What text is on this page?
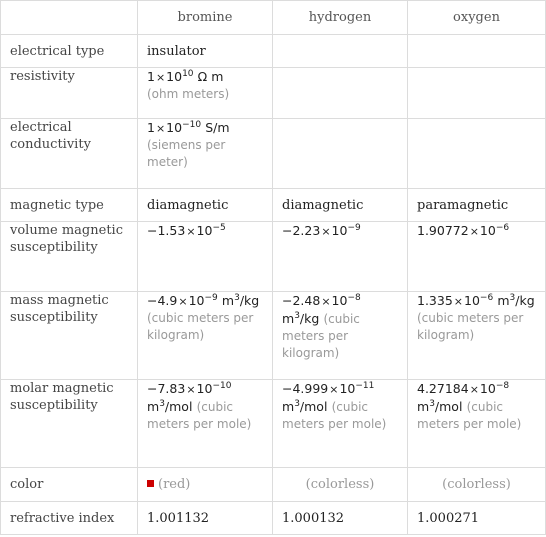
	bromine	hydrogen	oxygen
electrical type	insulator		
resistivity	$1\times 10^{10}$ Ω m
(ohm meters)		
electrical conductivity	$1\times 10^{-10}$ S/m
(siemens per meter)		
magnetic type	diamagnetic	diamagnetic	paramagnetic
volume magnetic susceptibility	$-1.53\times 10^{-5}$	$-2.23\times 10^{-9}$	$1.90772\times 10^{-6}$
mass magnetic susceptibility	$-4.9\times 10^{-9}$ $m^3/kg$ (cubic meters per kilogram)	$-2.48\times 10^{-8}$ $m^3/kg$ (cubic meters per kilogram)	$1.335\times 10^{-6}$ $m^3/kg$ (cubic meters per kilogram)
molar magnetic susceptibility	$-7.83\times 10^{-10}$ $m^3$/mol (cubic meters per mole)	$-4.999\times 10^{-11}$ $m^3$/mol (cubic meters per mole)	$4.27184\times 10^{-8}$ $m^3$/mol (cubic meters per mole)
color	(red)	(colorless)	(colorless)
refractive index	1.001132	1.000132	1.000271
